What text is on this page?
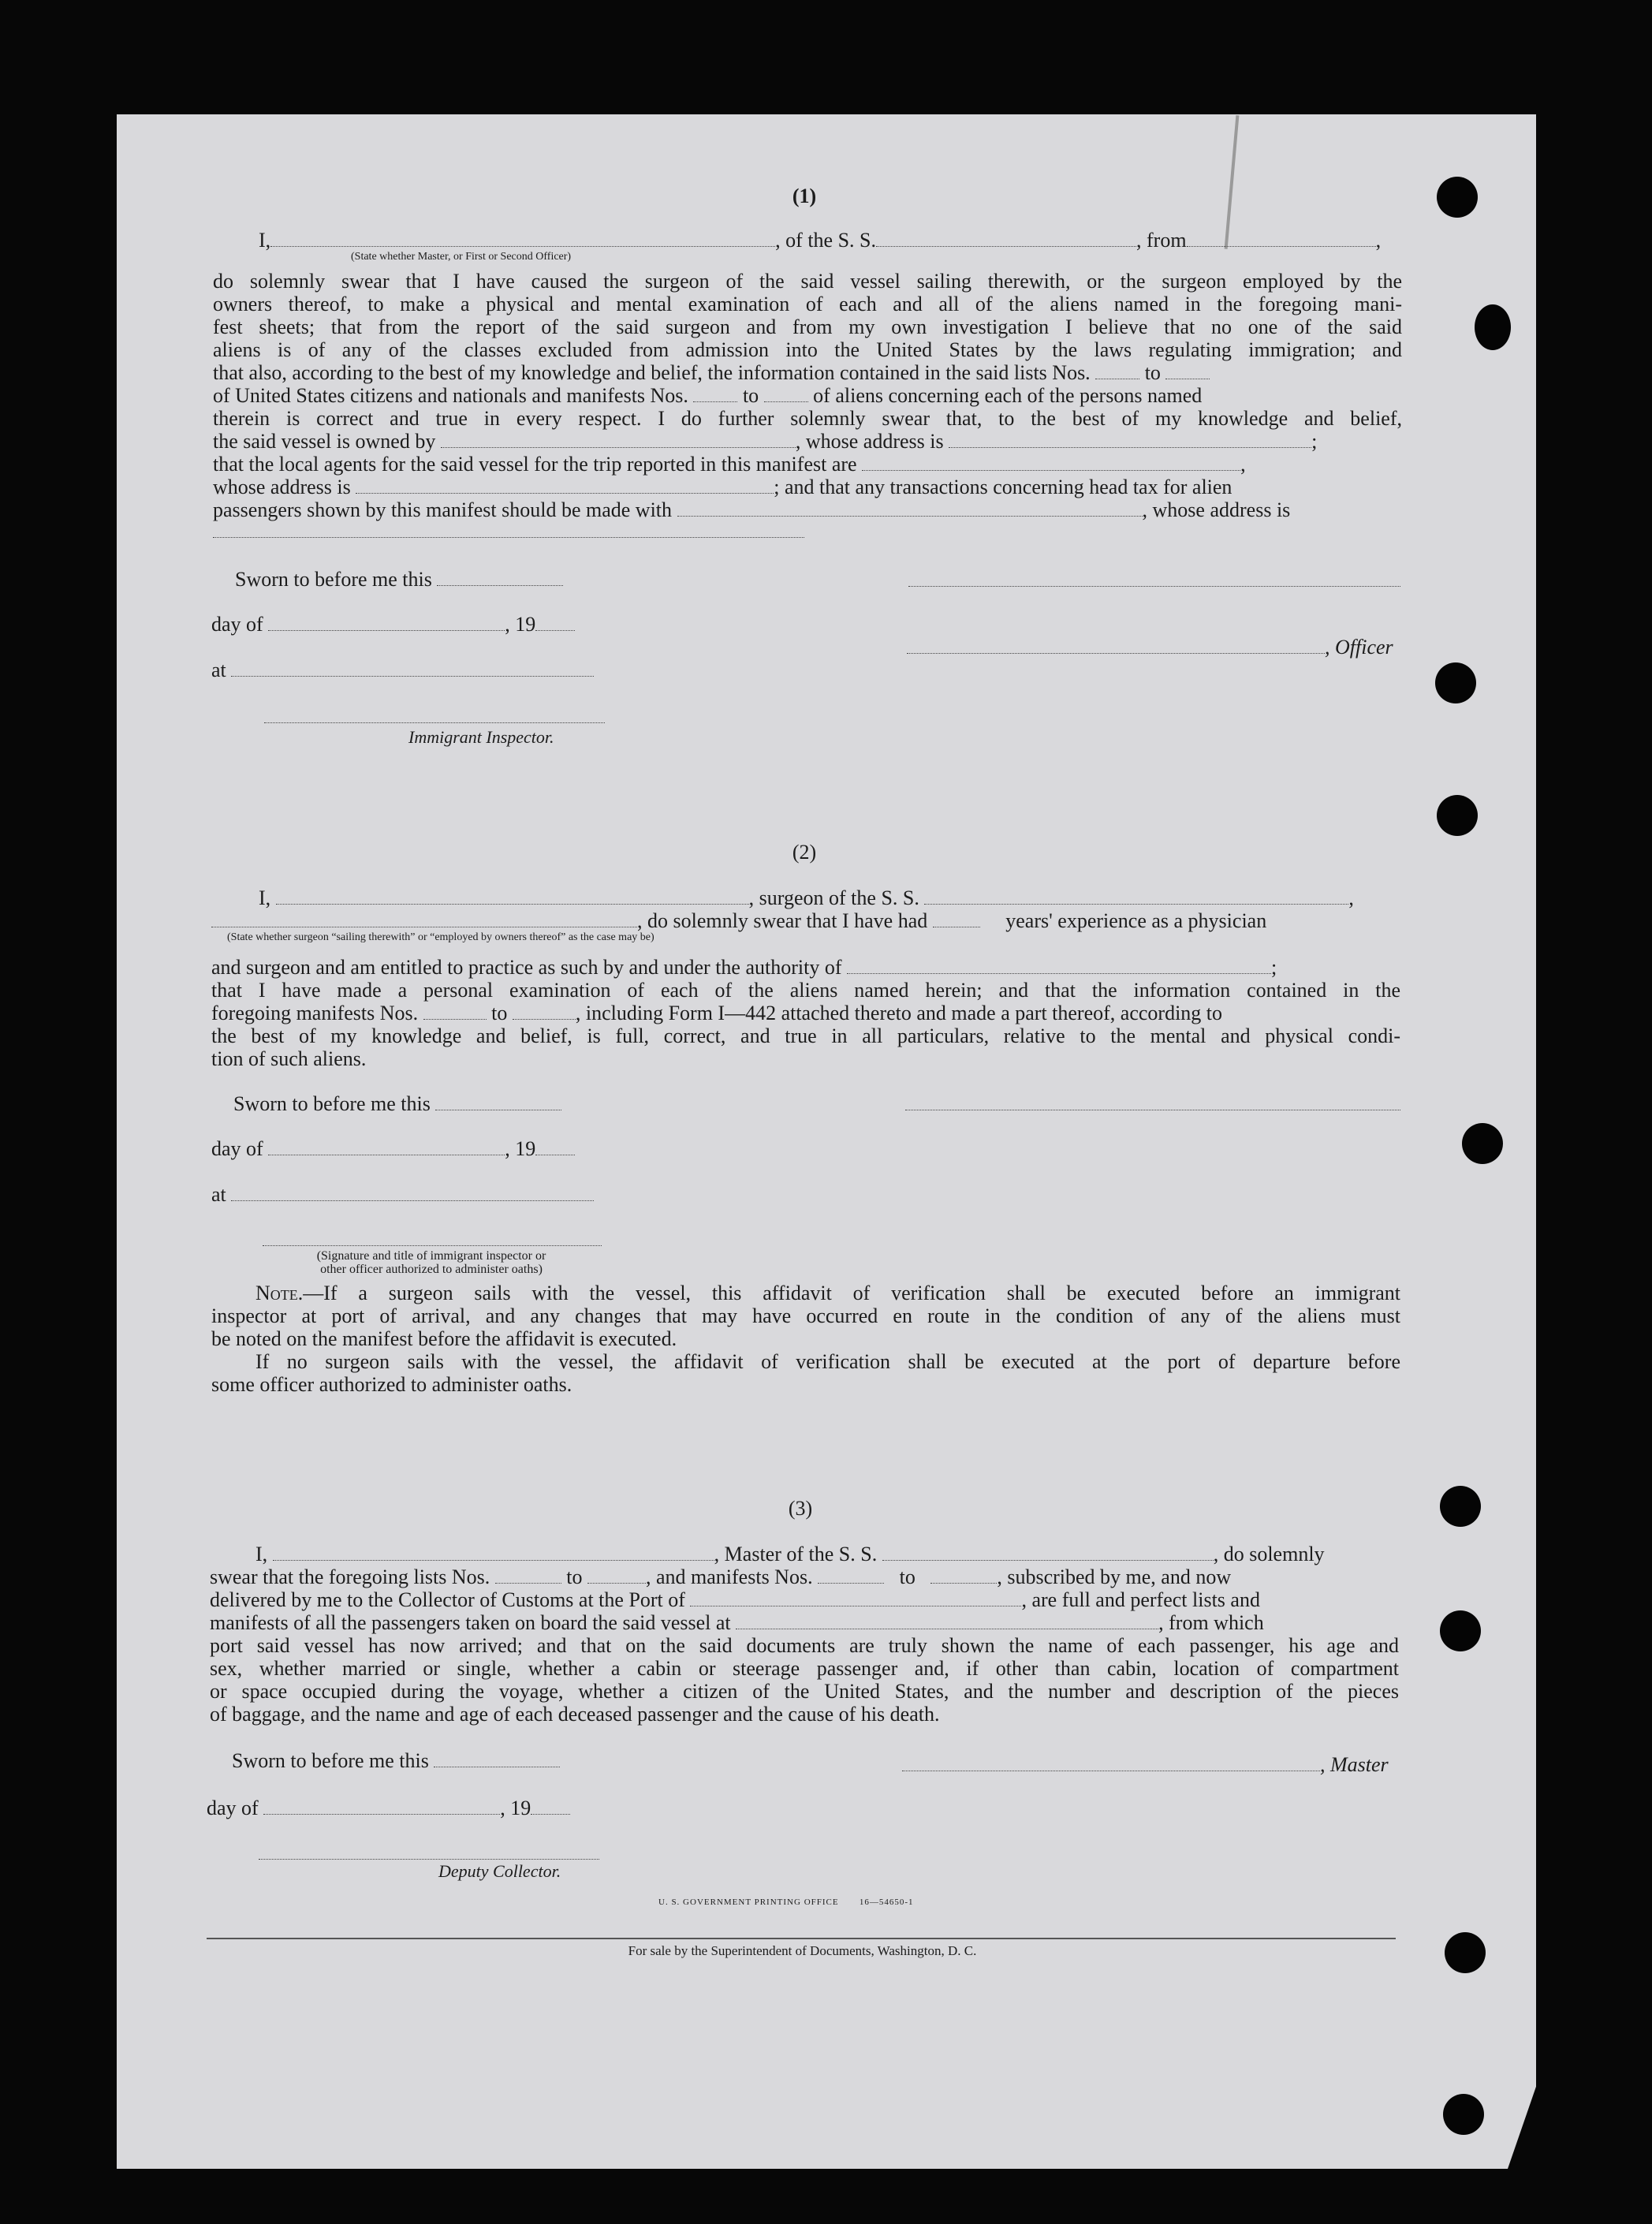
(1)
I,	, of the S. S.	, from	,
(State whether Master, or First or Second Officer)
do solemnly swear that I have caused the surgeon of the said vessel sailing therewith, or the surgeon employed by the
owners thereof, to make a physical and mental examination of each and all of the aliens named in the foregoing mani-
fest sheets; that from the report of the said surgeon and from my own investigation I believe that no one of the said
aliens is of any of the classes excluded from admission into the United States by the laws regulating immigration; and
that also, according to the best of my knowledge and belief, the information contained in the said lists Nos.	to
of United States citizens and nationals and manifests Nos.	to	of aliens concerning each of the persons named
therein is correct and true in every respect. I do further solemnly swear that, to the best of my knowledge and belief,
the said vessel is owned by	, whose address is	;
that the local agents for the said vessel for the trip reported in this manifest are	,
whose address is	; and that any transactions concerning head tax for alien
passengers shown by this manifest should be made with	, whose address is
Sworn to before me this
day of	, 19
, Officer
at
Immigrant Inspector.
(2)
I,	, surgeon of the S. S.	,
, do solemnly swear that I have had	years' experience as a physician
(State whether surgeon “sailing therewith” or “employed by owners thereof” as the case may be)
and surgeon and am entitled to practice as such by and under the authority of	;
that I have made a personal examination of each of the aliens named herein; and that the information contained in the
foregoing manifests Nos.	to	, including Form I—442 attached thereto and made a part thereof, according to
the best of my knowledge and belief, is full, correct, and true in all particulars, relative to the mental and physical condi-
tion of such aliens.
Sworn to before me this
day of	, 19
at
(Signature and title of immigrant inspector or
other officer authorized to administer oaths)
Note.—If a surgeon sails with the vessel, this affidavit of verification shall be executed before an immigrant
inspector at port of arrival, and any changes that may have occurred en route in the condition of any of the aliens must
be noted on the manifest before the affidavit is executed.
If no surgeon sails with the vessel, the affidavit of verification shall be executed at the port of departure before
some officer authorized to administer oaths.
(3)
I,	, Master of the S. S.	, do solemnly
swear that the foregoing lists Nos.	to	, and manifests Nos.	to	, subscribed by me, and now
delivered by me to the Collector of Customs at the Port of	, are full and perfect lists and
manifests of all the passengers taken on board the said vessel at	, from which
port said vessel has now arrived; and that on the said documents are truly shown the name of each passenger, his age and
sex, whether married or single, whether a cabin or steerage passenger and, if other than cabin, location of compartment
or space occupied during the voyage, whether a citizen of the United States, and the number and description of the pieces
of baggage, and the name and age of each deceased passenger and the cause of his death.
Sworn to before me this	, Master
day of	, 19
Deputy Collector.
U. S. GOVERNMENT PRINTING OFFICE 16—54650-1
For sale by the Superintendent of Documents, Washington, D. C.
